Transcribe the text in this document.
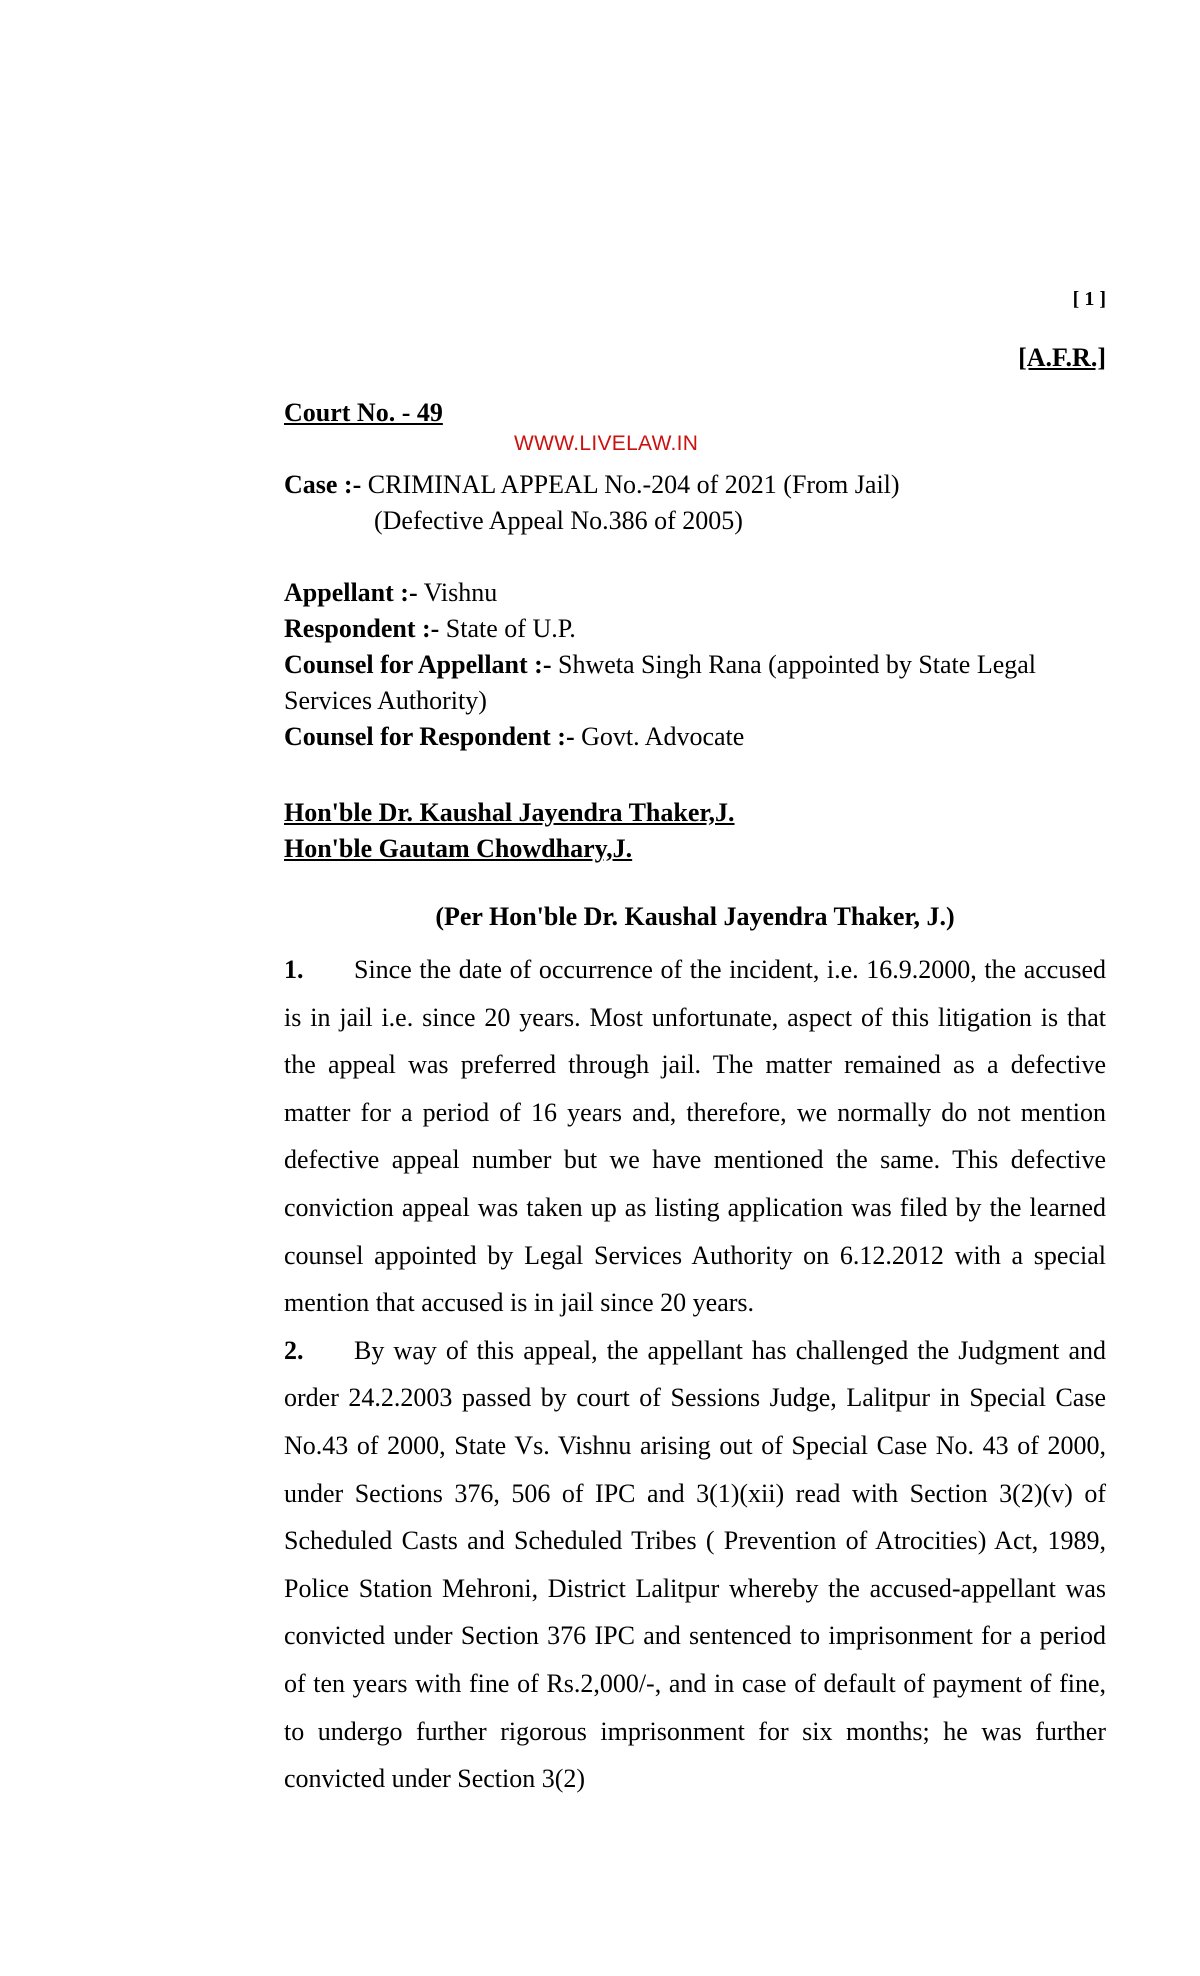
[ 1 ]
[A.F.R.]
Court No. - 49
WWW.LIVELAW.IN
Case :- CRIMINAL APPEAL No.-204 of 2021 (From Jail)
(Defective Appeal No.386 of 2005)
Appellant :- Vishnu
Respondent :- State of U.P.
Counsel for Appellant :- Shweta Singh Rana (appointed by State Legal Services Authority)
Counsel for Respondent :- Govt. Advocate
Hon'ble Dr. Kaushal Jayendra Thaker,J.
Hon'ble Gautam Chowdhary,J.
(Per Hon'ble Dr. Kaushal Jayendra Thaker, J.)

1. Since the date of occurrence of the incident, i.e. 16.9.2000, the accused is in jail i.e. since 20 years. Most unfortunate, aspect of this litigation is that the appeal was preferred through jail. The matter remained as a defective matter for a period of 16 years and, therefore, we normally do not mention defective appeal number but we have mentioned the same. This defective conviction appeal was taken up as listing application was filed by the learned counsel appointed by Legal Services Authority on 6.12.2012 with a special mention that accused is in jail since 20 years.

2. By way of this appeal, the appellant has challenged the Judgment and order 24.2.2003 passed by court of Sessions Judge, Lalitpur in Special Case No.43 of 2000, State Vs. Vishnu arising out of Special Case No. 43 of 2000, under Sections 376, 506 of IPC and 3(1)(xii) read with Section 3(2)(v) of Scheduled Casts and Scheduled Tribes ( Prevention of Atrocities) Act, 1989, Police Station Mehroni, District Lalitpur whereby the accused-appellant was convicted under Section 376 IPC and sentenced to imprisonment for a period of ten years with fine of Rs.2,000/-, and in case of default of payment of fine, to undergo further rigorous imprisonment for six months; he was further convicted under Section 3(2)
